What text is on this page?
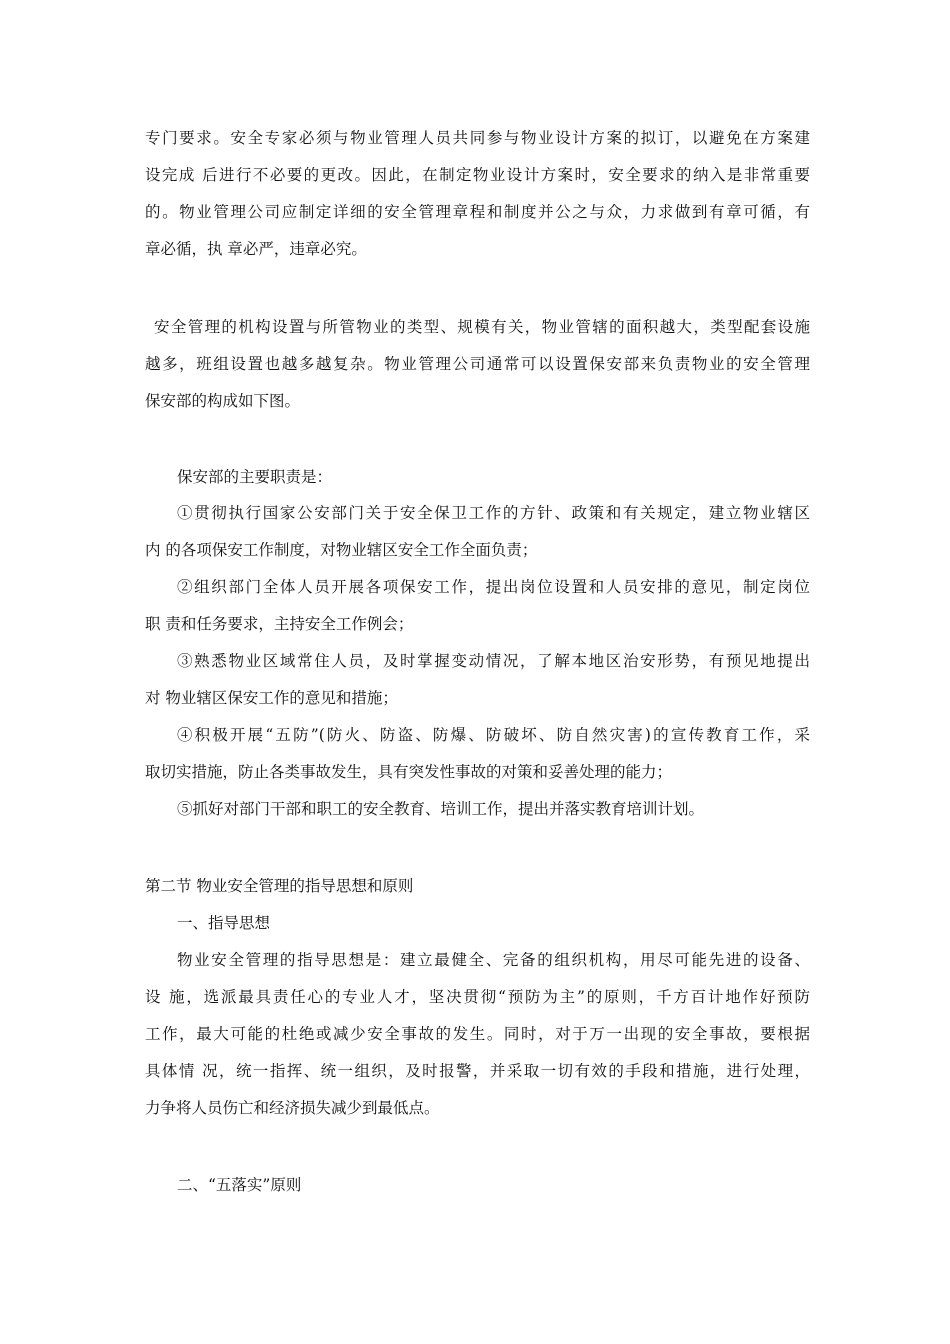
专门要求。安全专家必须与物业管理人员共同参与物业设计方案的拟订，以避免在方案建
设完成 后进行不必要的更改。因此，在制定物业设计方案时，安全要求的纳入是非常重要
的。物业管理公司应制定详细的安全管理章程和制度并公之与众，力求做到有章可循，有
章必循，执 章必严，违章必究。
安全管理的机构设置与所管物业的类型、规模有关，物业管辖的面积越大，类型配套设施
越多，班组设置也越多越复杂。物业管理公司通常可以设置保安部来负责物业的安全管理
保安部的构成如下图。
保安部的主要职责是：
①贯彻执行国家公安部门关于安全保卫工作的方针、政策和有关规定，建立物业辖区
内 的各项保安工作制度，对物业辖区安全工作全面负责；
②组织部门全体人员开展各项保安工作，提出岗位设置和人员安排的意见，制定岗位
职 责和任务要求，主持安全工作例会；
③熟悉物业区域常住人员，及时掌握变动情况，了解本地区治安形势，有预见地提出
对 物业辖区保安工作的意见和措施；
④积极开展“五防”(防火、防盗、防爆、防破坏、防自然灾害)的宣传教育工作，采
取切实措施，防止各类事故发生，具有突发性事故的对策和妥善处理的能力；
⑤抓好对部门干部和职工的安全教育、培训工作，提出并落实教育培训计划。
第二节 物业安全管理的指导思想和原则
一、指导思想
物业安全管理的指导思想是：建立最健全、完备的组织机构，用尽可能先进的设备、
设 施，选派最具责任心的专业人才，坚决贯彻“预防为主”的原则，千方百计地作好预防
工作，最大可能的杜绝或减少安全事故的发生。同时，对于万一出现的安全事故，要根据
具体情 况，统一指挥、统一组织，及时报警，并采取一切有效的手段和措施，进行处理，
力争将人员伤亡和经济损失减少到最低点。
二、“五落实”原则
